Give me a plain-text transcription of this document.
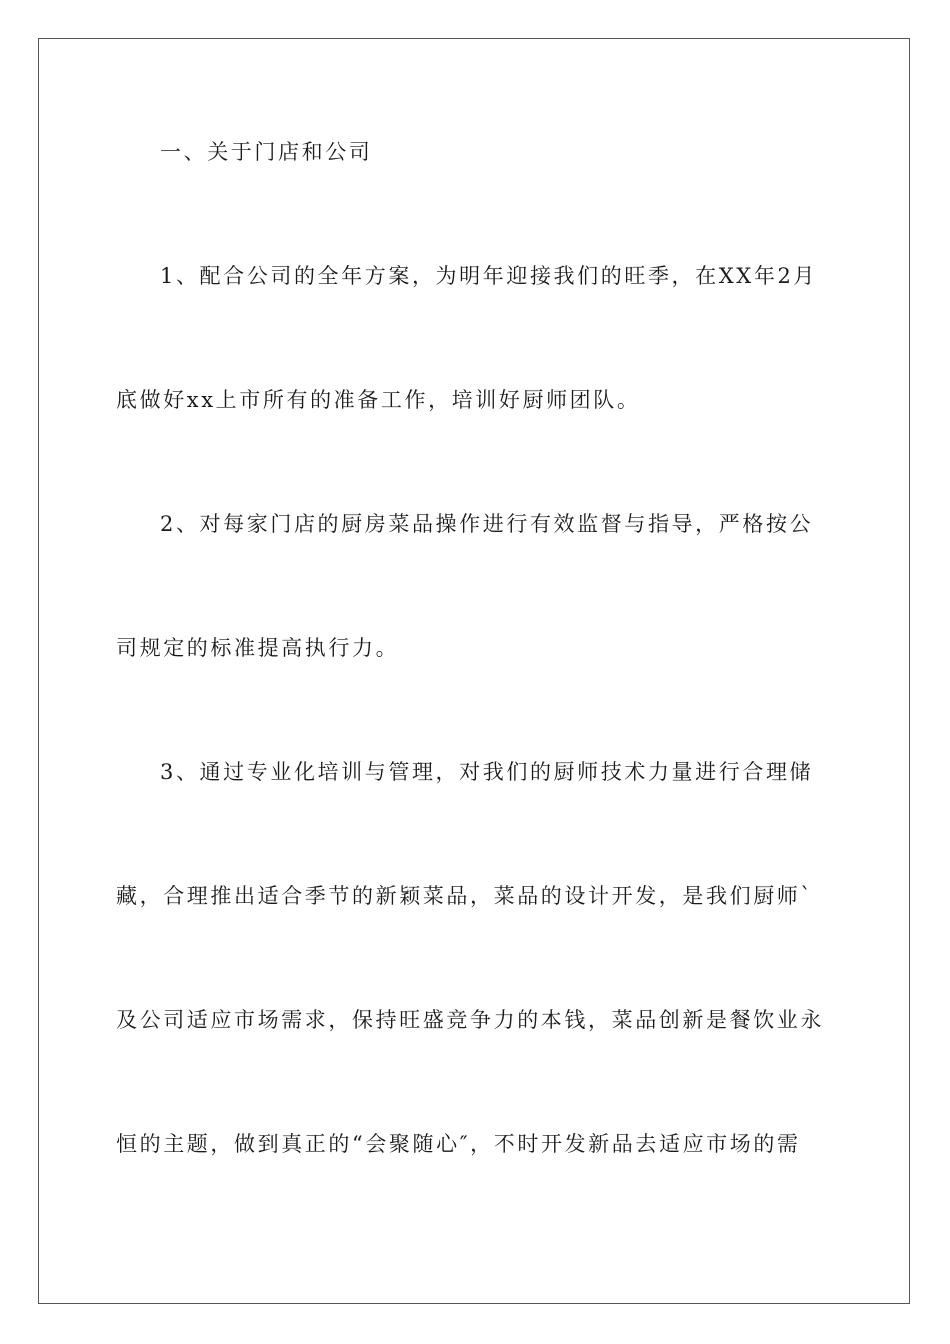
一、关于门店和公司
1、配合公司的全年方案，为明年迎接我们的旺季，在XX年2月
底做好xx上市所有的准备工作，培训好厨师团队。
2、对每家门店的厨房菜品操作进行有效监督与指导，严格按公
司规定的标准提高执行力。
3、通过专业化培训与管理，对我们的厨师技术力量进行合理储
藏，合理推出适合季节的新颖菜品，菜品的设计开发，是我们厨师`
及公司适应市场需求，保持旺盛竞争力的本钱，菜品创新是餐饮业永
恒的主题，做到真正的“会聚随心″，不时开发新品去适应市场的需
